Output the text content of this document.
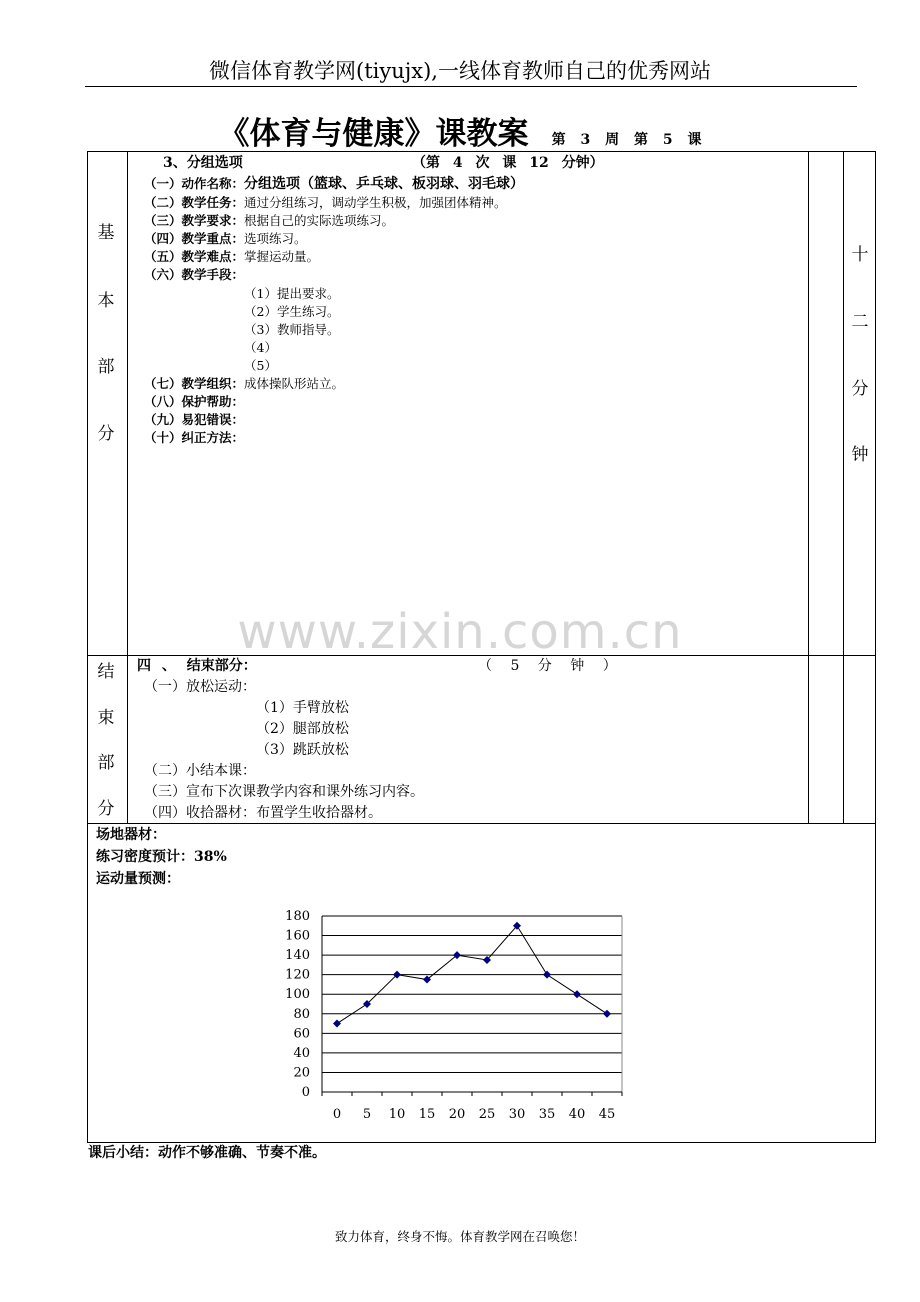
微信体育教学网(tiyujx),一线体育教师自己的优秀网站
《体育与健康》课教案 第 3 周 第 5 课
基
本
部
分
十
二
分
钟
3、分组选项	（第 4 次 课 12 分钟）
（一）动作名称：分组选项（篮球、乒乓球、板羽球、羽毛球）
（二）教学任务：通过分组练习，调动学生积极，加强团体精神。
（三）教学要求：根据自己的实际选项练习。
（四）教学重点：选项练习。
（五）教学难点：掌握运动量。
（六）教学手段：
（1）提出要求。
（2）学生练习。
（3）教师指导。
（4）
（5）
（七）教学组织：成体操队形站立。
（八）保护帮助：
（九）易犯错误：
（十）纠正方法：
www.zixin.com.cn
结
束
部
分
四 、 结束部分：	（ 5 分 钟 ）
（一）放松运动：
（1）手臂放松
（2）腿部放松
（3）跳跃放松
（二）小结本课：
（三）宣布下次课教学内容和课外练习内容。
（四）收拾器材：布置学生收拾器材。
场地器材：
练习密度预计：38%
运动量预测：
0
20
40
60
80
100
120
140
160
180
0 5 10 15 20 25 30 35 40 45
课后小结：动作不够准确、节奏不准。
致力体育，终身不悔。体育教学网在召唤您！
